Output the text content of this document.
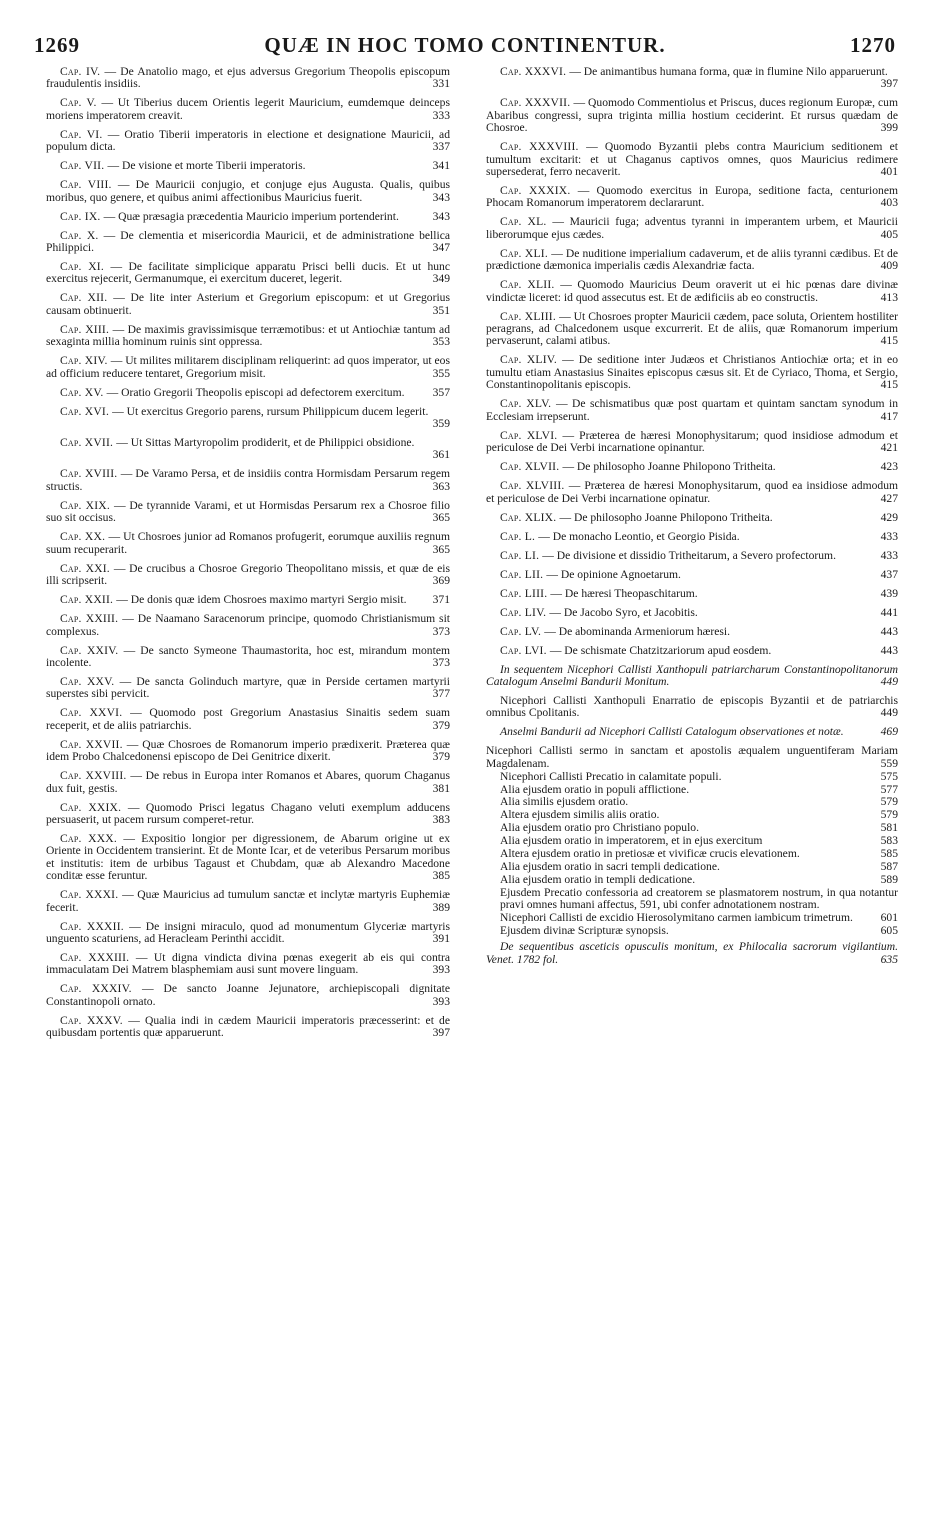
1269	QUÆ IN HOC TOMO CONTINENTUR.	1270
Cap. IV. — De Anatolio mago, et ejus adversus Gregorium Theopolis episcopum fraudulentis insidiis.	331
Cap. V. — Ut Tiberius ducem Orientis legerit Mauricium, eumdemque deinceps moriens imperatorem creavit.	333
Cap. VI. — Oratio Tiberii imperatoris in electione et designatione Mauricii, ad populum dicta.	337
Cap. VII. — De visione et morte Tiberii imperatoris.	341
Cap. VIII. — De Mauricii conjugio, et conjuge ejus Augusta. Qualis, quibus moribus, quo genere, et quibus animi affectionibus Mauricius fuerit.	343
Cap. IX. — Quæ præsagia præcedentia Mauricio imperium portenderint.	343
Cap. X. — De clementia et misericordia Mauricii, et de administratione bellica Philippici.	347
Cap. XI. — De facilitate simplicique apparatu Prisci belli ducis. Et ut hunc exercitus rejecerit, Germanumque, ei exercitum duceret, legerit.	349
Cap. XII. — De lite inter Asterium et Gregorium episcopum: et ut Gregorius causam obtinuerit.	351
Cap. XIII. — De maximis gravissimisque terræmotibus: et ut Antiochiæ tantum ad sexaginta millia hominum ruinis sint oppressa.	353
Cap. XIV. — Ut milites militarem disciplinam reliquerint: ad quos imperator, ut eos ad officium reducere tentaret, Gregorium misit.	355
Cap. XV. — Oratio Gregorii Theopolis episcopi ad defectorem exercitum.	357
Cap. XVI. — Ut exercitus Gregorio parens, rursum Philippicum ducem legerit.
359
Cap. XVII. — Ut Sittas Martyropolim prodiderit, et de Philippici obsidione.
361
Cap. XVIII. — De Varamo Persa, et de insidiis contra Hormisdam Persarum regem structis.	363
Cap. XIX. — De tyrannide Varami, et ut Hormisdas Persarum rex a Chosroe filio suo sit occisus.	365
Cap. XX. — Ut Chosroes junior ad Romanos profugerit, eorumque auxiliis regnum suum recuperarit.	365
Cap. XXI. — De crucibus a Chosroe Gregorio Theopolitano missis, et quæ de eis illi scripserit.	369
Cap. XXII. — De donis quæ idem Chosroes maximo martyri Sergio misit.	371
Cap. XXIII. — De Naamano Saracenorum principe, quomodo Christianismum sit complexus.	373
Cap. XXIV. — De sancto Symeone Thaumastorita, hoc est, mirandum montem incolente.	373
Cap. XXV. — De sancta Golinduch martyre, quæ in Perside certamen martyrii superstes sibi pervicit.	377
Cap. XXVI. — Quomodo post Gregorium Anastasius Sinaitis sedem suam receperit, et de aliis patriarchis.	379
Cap. XXVII. — Quæ Chosroes de Romanorum imperio prædixerit. Præterea quæ idem Probo Chalcedonensi episcopo de Dei Genitrice dixerit.	379
Cap. XXVIII. — De rebus in Europa inter Romanos et Abares, quorum Chaganus dux fuit, gestis.	381
Cap. XXIX. — Quomodo Prisci legatus Chagano veluti exemplum adducens persuaserit, ut pacem rursum comperet-retur.	383
Cap. XXX. — Expositio longior per digressionem, de Abarum origine ut ex Oriente in Occidentem transierint. Et de Monte Icar, et de veteribus Persarum moribus et institutis: item de urbibus Tagaust et Chubdam, quæ ab Alexandro Macedone conditæ esse feruntur.	385
Cap. XXXI. — Quæ Mauricius ad tumulum sanctæ et inclytæ martyris Euphemiæ fecerit.	389
Cap. XXXII. — De insigni miraculo, quod ad monumentum Glyceriæ martyris unguento scaturiens, ad Heracleam Perinthi accidit.	391
Cap. XXXIII. — Ut digna vindicta divina pœnas exegerit ab eis qui contra immaculatam Dei Matrem blasphemiam ausi sunt movere linguam.	393
Cap. XXXIV. — De sancto Joanne Jejunatore, archiepiscopali dignitate Constantinopoli ornato.	393
Cap. XXXV. — Qualia indi in cædem Mauricii imperatoris præcesserint: et de quibusdam portentis quæ apparuerunt.	397
Cap. XXXVI. — De animantibus humana forma, quæ in flumine Nilo apparuerunt.
397
Cap. XXXVII. — Quomodo Commentiolus et Priscus, duces regionum Europæ, cum Abaribus congressi, supra triginta millia hostium ceciderint. Et rursus quædam de Chosroe.	399
Cap. XXXVIII. — Quomodo Byzantii plebs contra Mauricium seditionem et tumultum excitarit: et ut Chaganus captivos omnes, quos Mauricius redimere supersederat, ferro necaverit.	401
Cap. XXXIX. — Quomodo exercitus in Europa, seditione facta, centurionem Phocam Romanorum imperatorem declararunt.	403
Cap. XL. — Mauricii fuga; adventus tyranni in imperantem urbem, et Mauricii liberorumque ejus cædes.	405
Cap. XLI. — De nuditione imperialium cadaverum, et de aliis tyranni cædibus. Et de prædictione dæmonica imperialis cædis Alexandriæ facta.	409
Cap. XLII. — Quomodo Mauricius Deum oraverit ut ei hic pœnas dare divinæ vindictæ liceret: id quod assecutus est. Et de ædificiis ab eo constructis.	413
Cap. XLIII. — Ut Chosroes propter Mauricii cædem, pace soluta, Orientem hostiliter peragrans, ad Chalcedonem usque excurrerit. Et de aliis, quæ Romanorum imperium pervaserunt, calami atibus.	415
Cap. XLIV. — De seditione inter Judæos et Christianos Antiochiæ orta; et in eo tumultu etiam Anastasius Sinaites episcopus cæsus sit. Et de Cyriaco, Thoma, et Sergio, Constantinopolitanis episcopis.	415
Cap. XLV. — De schismatibus quæ post quartam et quintam sanctam synodum in Ecclesiam irrepserunt.	417
Cap. XLVI. — Præterea de hæresi Monophysitarum; quod insidiose admodum et periculose de Dei Verbi incarnatione opinantur.	421
Cap. XLVII. — De philosopho Joanne Philopono Tritheita.	423
Cap. XLVIII. — Præterea de hæresi Monophysitarum, quod ea insidiose admodum et periculose de Dei Verbi incarnatione opinatur.	427
Cap. XLIX. — De philosopho Joanne Philopono Tritheita.	429
Cap. L. — De monacho Leontio, et Georgio Pisida.	433
Cap. LI. — De divisione et dissidio Tritheitarum, a Severo profectorum.	433
Cap. LII. — De opinione Agnoetarum.	437
Cap. LIII. — De hæresi Theopaschitarum.	439
Cap. LIV. — De Jacobo Syro, et Jacobitis.	441
Cap. LV. — De abominanda Armeniorum hæresi.	443
Cap. LVI. — De schismate Chatzitzariorum apud eosdem.	443
In sequentem Nicephori Callisti Xanthopuli patriarcharum Constantinopolitanorum Catalogum Anselmi Bandurii Monitum.	449
Nicephori Callisti Xanthopuli Enarratio de episcopis Byzantii et de patriarchis omnibus Cpolitanis.	449
Anselmi Bandurii ad Nicephori Callisti Catalogum observationes et notæ.	469
Nicephori Callisti sermo in sanctam et apostolis æqualem unguentiferam Mariam Magdalenam.	559
Nicephori Callisti Precatio in calamitate populi.	575
Alia ejusdem oratio in populi afflictione.	577
Alia similis ejusdem oratio.	579
Altera ejusdem similis aliis oratio.	579
Alia ejusdem oratio pro Christiano populo.	581
Alia ejusdem oratio in imperatorem, et in ejus exercitum	583
Altera ejusdem oratio in pretiosæ et vivificæ crucis elevationem.	585
Alia ejusdem oratio in sacri templi dedicatione.	587
Alia ejusdem oratio in templi dedicatione.	589
Ejusdem Precatio confessoria ad creatorem se plasmatorem nostrum, in qua notantur pravi omnes humani affectus, 591, ubi confer adnotationem nostram.
Nicephori Callisti de excidio Hierosolymitano carmen iambicum trimetrum.	601
Ejusdem divinæ Scripturæ synopsis.	605
De sequentibus asceticis opusculis monitum, ex Philocalia sacrorum vigilantium. Venet. 1782 fol.	635
